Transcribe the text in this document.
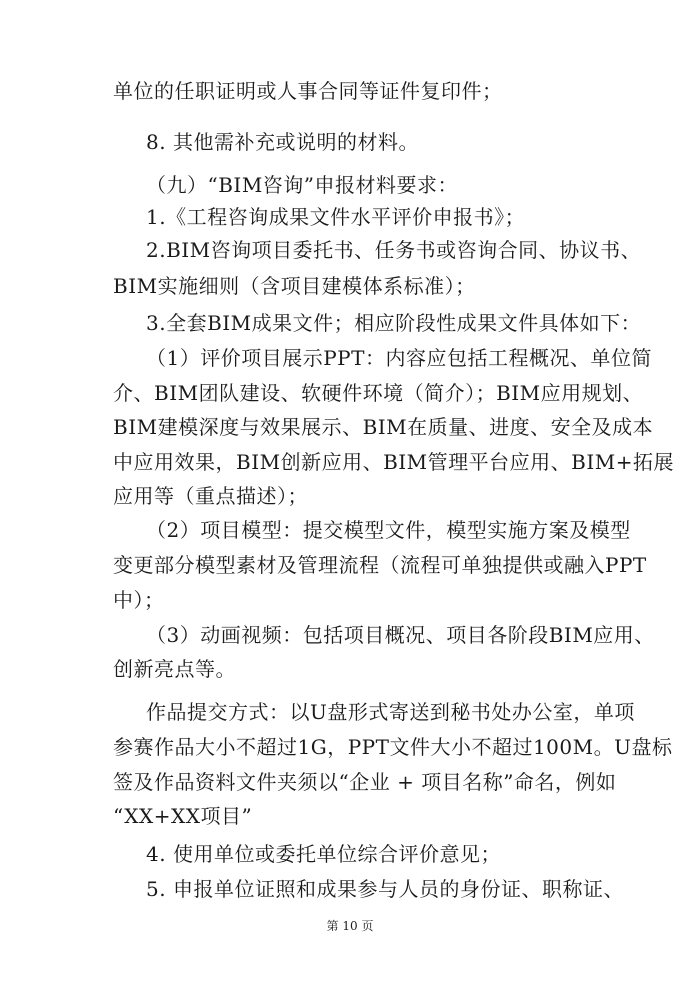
单位的任职证明或人事合同等证件复印件；
8. 其他需补充或说明的材料。
（九）“BIM咨询”申报材料要求：
1.《工程咨询成果文件水平评价申报书》；
2.BIM咨询项目委托书、任务书或咨询合同、协议书、
BIM实施细则（含项目建模体系标准）；
3.全套BIM成果文件；相应阶段性成果文件具体如下：
（1）评价项目展示PPT：内容应包括工程概况、单位简
介、BIM团队建设、软硬件环境（简介）；BIM应用规划、
BIM建模深度与效果展示、BIM在质量、进度、安全及成本
中应用效果，BIM创新应用、BIM管理平台应用、BIM+拓展
应用等（重点描述）；
（2）项目模型：提交模型文件，模型实施方案及模型
变更部分模型素材及管理流程（流程可单独提供或融入PPT
中）；
（3）动画视频：包括项目概况、项目各阶段BIM应用、
创新亮点等。
作品提交方式：以U盘形式寄送到秘书处办公室，单项
参赛作品大小不超过1G，PPT文件大小不超过100M。U盘标
签及作品资料文件夹须以“企业 + 项目名称”命名，例如
“XX+XX项目”
4. 使用单位或委托单位综合评价意见；
5. 申报单位证照和成果参与人员的身份证、职称证、
第 10 页
